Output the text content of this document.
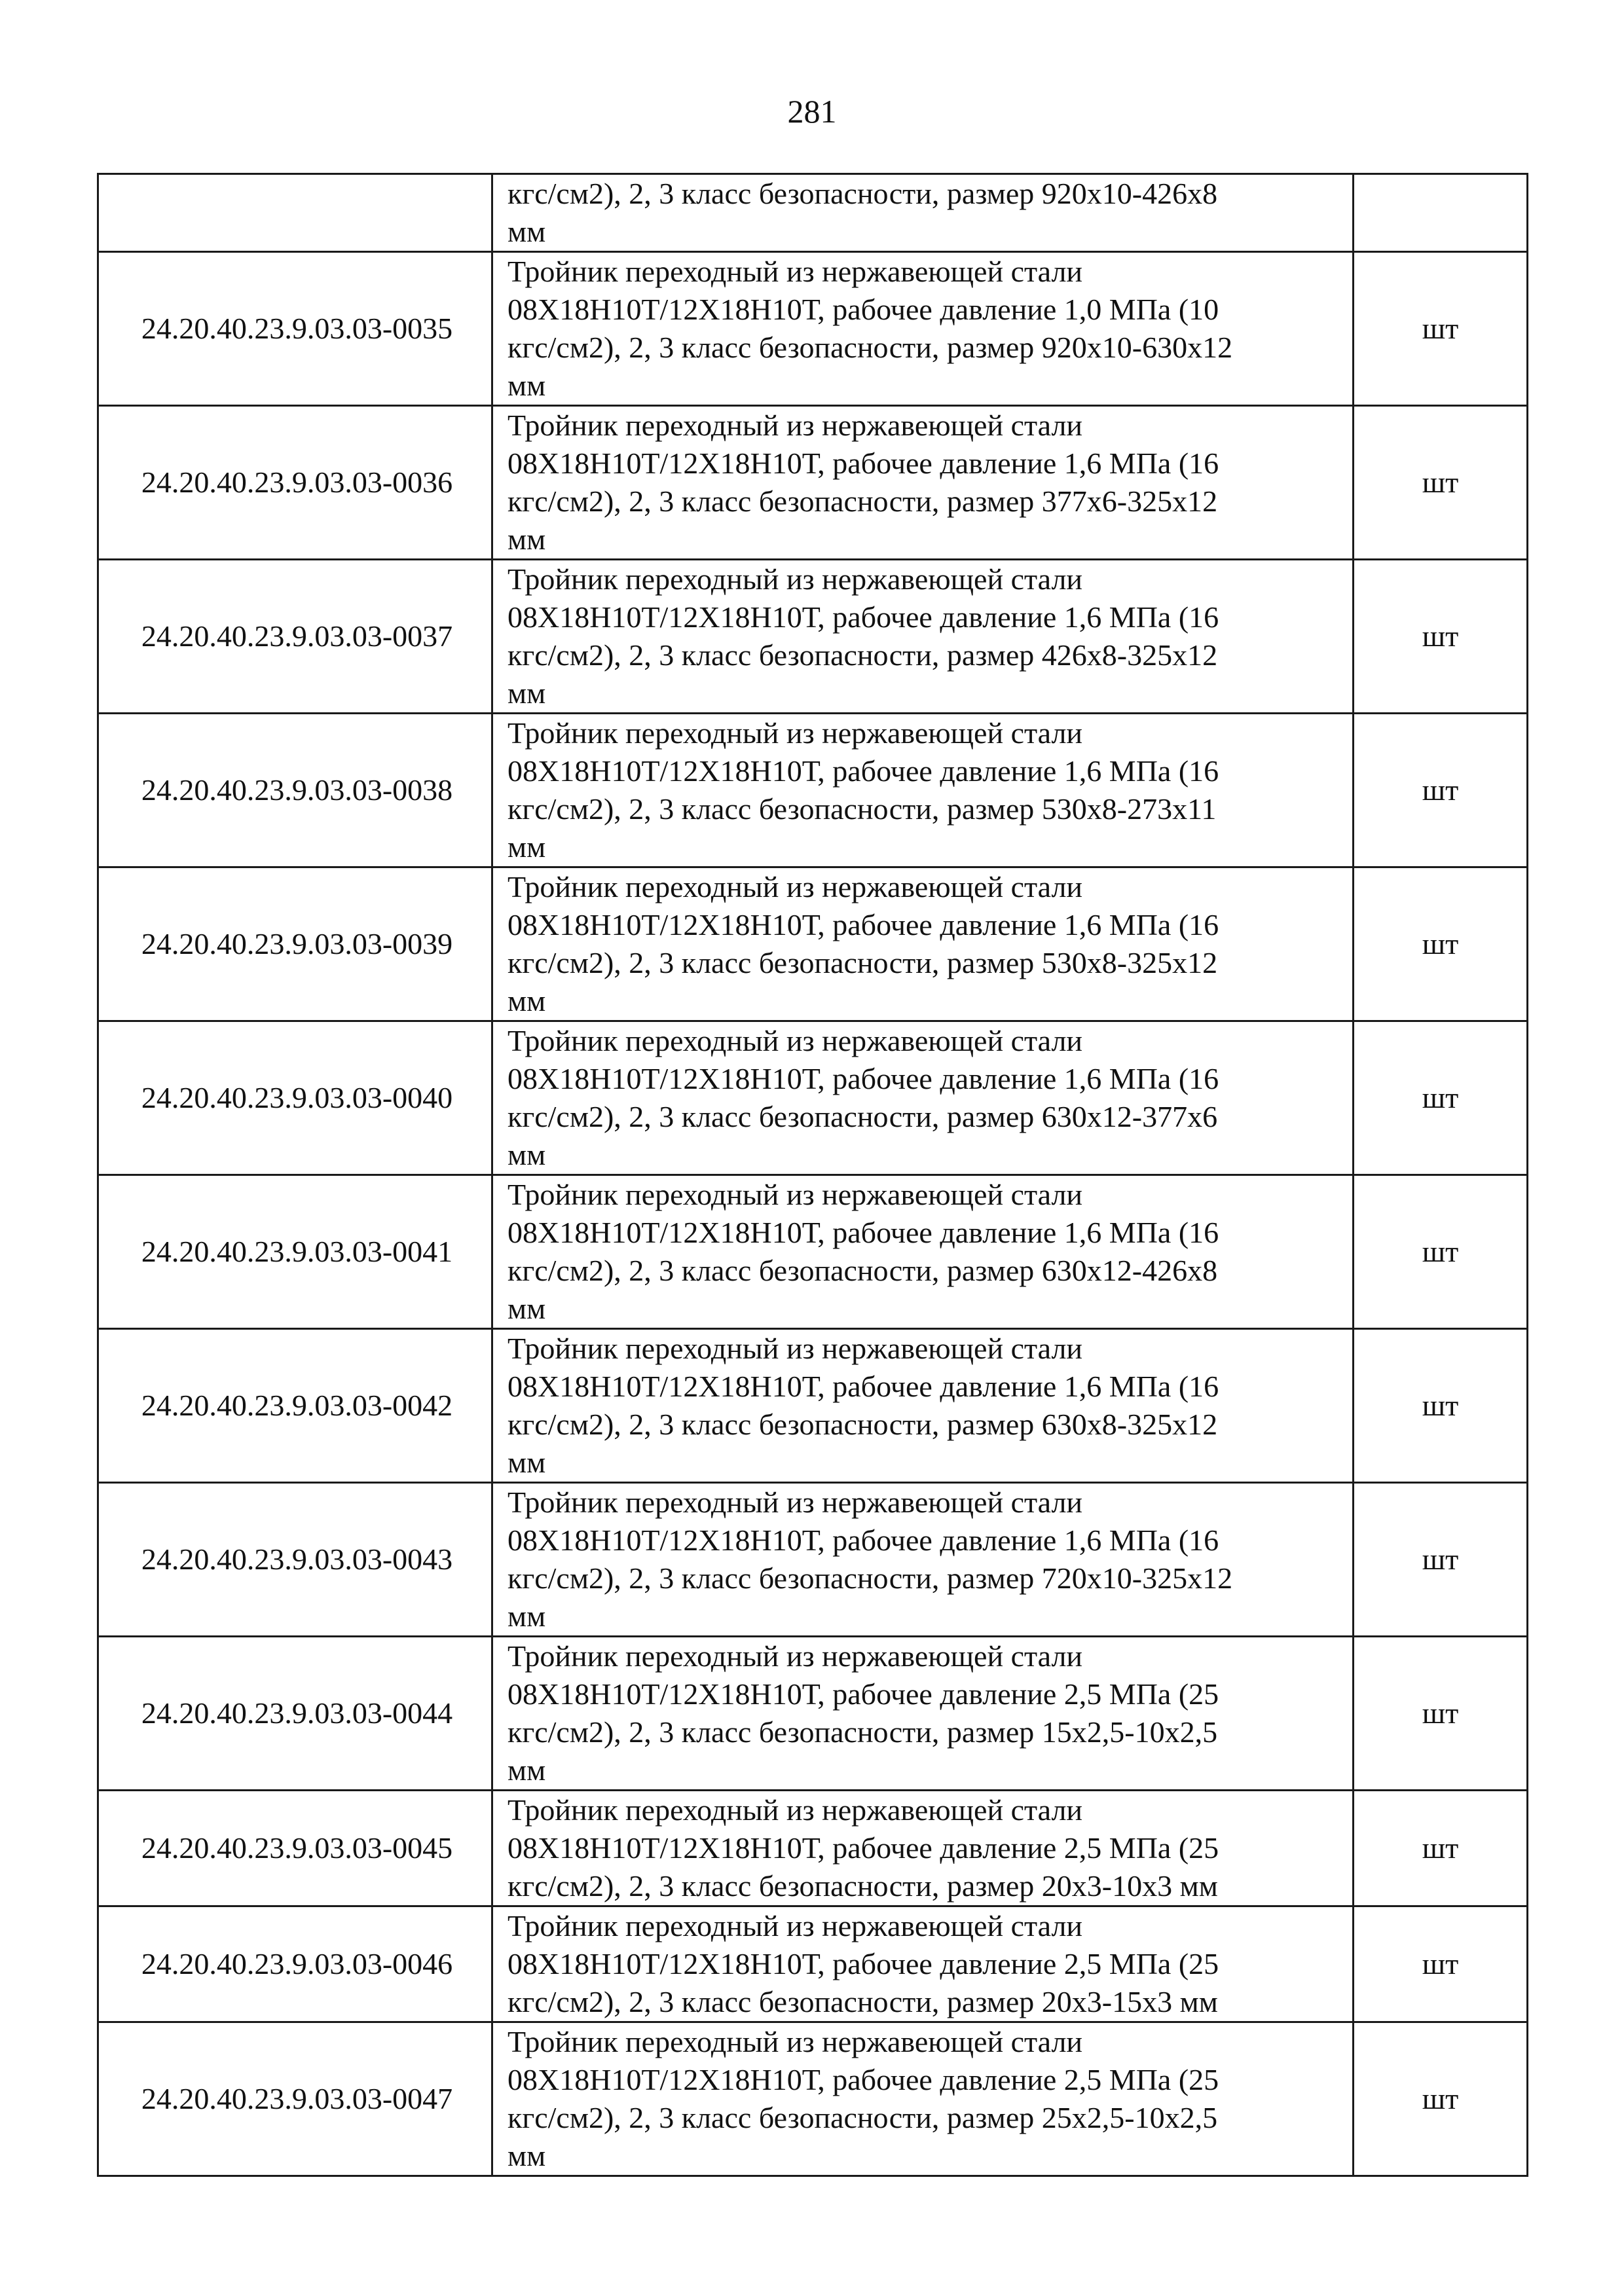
281

	кгс/см2), 2, 3 класс безопасности, размер 920х10-426х8
мм	

24.20.40.23.9.03.03-0035	Тройник переходный из нержавеющей стали
08Х18Н10Т/12Х18Н10Т, рабочее давление 1,0 МПа (10
кгс/см2), 2, 3 класс безопасности, размер 920х10-630х12
мм	шт
24.20.40.23.9.03.03-0036	Тройник переходный из нержавеющей стали
08Х18Н10Т/12Х18Н10Т, рабочее давление 1,6 МПа (16
кгс/см2), 2, 3 класс безопасности, размер 377х6-325х12
мм	шт
24.20.40.23.9.03.03-0037	Тройник переходный из нержавеющей стали
08Х18Н10Т/12Х18Н10Т, рабочее давление 1,6 МПа (16
кгс/см2), 2, 3 класс безопасности, размер 426х8-325х12
мм	шт
24.20.40.23.9.03.03-0038	Тройник переходный из нержавеющей стали
08Х18Н10Т/12Х18Н10Т, рабочее давление 1,6 МПа (16
кгс/см2), 2, 3 класс безопасности, размер 530х8-273х11
мм	шт
24.20.40.23.9.03.03-0039	Тройник переходный из нержавеющей стали
08Х18Н10Т/12Х18Н10Т, рабочее давление 1,6 МПа (16
кгс/см2), 2, 3 класс безопасности, размер 530х8-325х12
мм	шт
24.20.40.23.9.03.03-0040	Тройник переходный из нержавеющей стали
08Х18Н10Т/12Х18Н10Т, рабочее давление 1,6 МПа (16
кгс/см2), 2, 3 класс безопасности, размер 630х12-377х6
мм	шт
24.20.40.23.9.03.03-0041	Тройник переходный из нержавеющей стали
08Х18Н10Т/12Х18Н10Т, рабочее давление 1,6 МПа (16
кгс/см2), 2, 3 класс безопасности, размер 630х12-426х8
мм	шт
24.20.40.23.9.03.03-0042	Тройник переходный из нержавеющей стали
08Х18Н10Т/12Х18Н10Т, рабочее давление 1,6 МПа (16
кгс/см2), 2, 3 класс безопасности, размер 630х8-325х12
мм	шт
24.20.40.23.9.03.03-0043	Тройник переходный из нержавеющей стали
08Х18Н10Т/12Х18Н10Т, рабочее давление 1,6 МПа (16
кгс/см2), 2, 3 класс безопасности, размер 720х10-325х12
мм	шт
24.20.40.23.9.03.03-0044	Тройник переходный из нержавеющей стали
08Х18Н10Т/12Х18Н10Т, рабочее давление 2,5 МПа (25
кгс/см2), 2, 3 класс безопасности, размер 15х2,5-10х2,5
мм	шт
24.20.40.23.9.03.03-0045	Тройник переходный из нержавеющей стали
08Х18Н10Т/12Х18Н10Т, рабочее давление 2,5 МПа (25
кгс/см2), 2, 3 класс безопасности, размер 20х3-10х3 мм	шт
24.20.40.23.9.03.03-0046	Тройник переходный из нержавеющей стали
08Х18Н10Т/12Х18Н10Т, рабочее давление 2,5 МПа (25
кгс/см2), 2, 3 класс безопасности, размер 20х3-15х3 мм	шт
24.20.40.23.9.03.03-0047	Тройник переходный из нержавеющей стали
08Х18Н10Т/12Х18Н10Т, рабочее давление 2,5 МПа (25
кгс/см2), 2, 3 класс безопасности, размер 25х2,5-10х2,5
мм	шт
